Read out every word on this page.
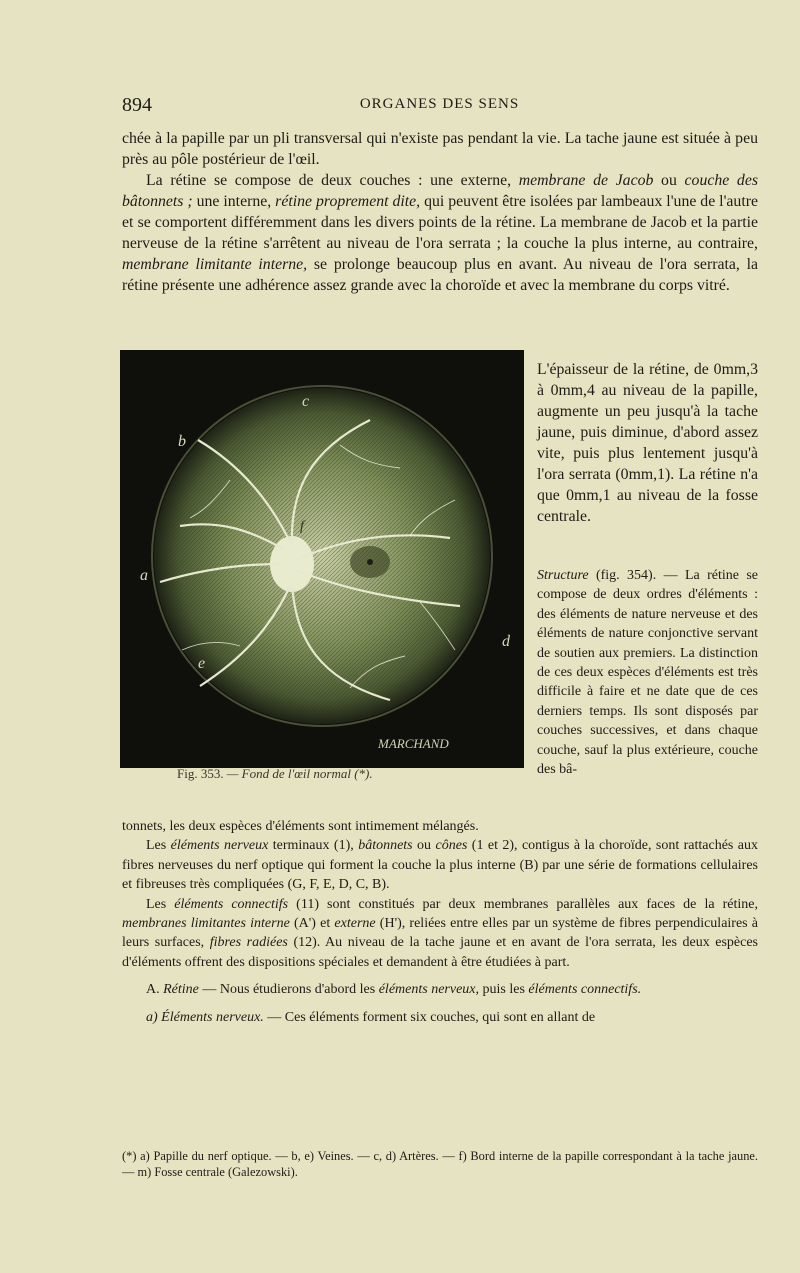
894	ORGANES DES SENS

chée à la papille par un pli transversal qui n'existe pas pendant la vie. La tache jaune est située à peu près au pôle postérieur de l'œil.

La rétine se compose de deux couches : une externe, membrane de Jacob ou couche des bâtonnets ; une interne, rétine proprement dite, qui peuvent être isolées par lambeaux l'une de l'autre et se comportent différemment dans les divers points de la rétine. La membrane de Jacob et la partie nerveuse de la rétine s'arrêtent au niveau de l'ora serrata ; la couche la plus interne, au contraire, membrane limitante interne, se prolonge beaucoup plus en avant. Au niveau de l'ora serrata, la rétine présente une adhérence assez grande avec la choroïde et avec la membrane du corps vitré.

c
b
a
d
e
f
MARCHAND
Fig. 353. — Fond de l'œil normal (*).

L'épaisseur de la rétine, de 0mm,3 à 0mm,4 au niveau de la papille, augmente un peu jusqu'à la tache jaune, puis diminue, d'abord assez vite, puis plus lentement jusqu'à l'ora serrata (0mm,1). La rétine n'a que 0mm,1 au niveau de la fosse centrale.

Structure (fig. 354). — La rétine se compose de deux ordres d'éléments : des éléments de nature nerveuse et des éléments de nature conjonctive servant de soutien aux premiers. La distinction de ces deux espèces d'éléments est très difficile à faire et ne date que de ces derniers temps. Ils sont disposés par couches successives, et dans chaque couche, sauf la plus extérieure, couche des bâ-

tonnets, les deux espèces d'éléments sont intimement mélangés.

Les éléments nerveux terminaux (1), bâtonnets ou cônes (1 et 2), contigus à la choroïde, sont rattachés aux fibres nerveuses du nerf optique qui forment la couche la plus interne (B) par une série de formations cellulaires et fibreuses très compliquées (G, F, E, D, C, B).

Les éléments connectifs (11) sont constitués par deux membranes parallèles aux faces de la rétine, membranes limitantes interne (A') et externe (H'), reliées entre elles par un système de fibres perpendiculaires à leurs surfaces, fibres radiées (12). Au niveau de la tache jaune et en avant de l'ora serrata, les deux espèces d'éléments offrent des dispositions spéciales et demandent à être étudiées à part.

A. Rétine — Nous étudierons d'abord les éléments nerveux, puis les éléments connectifs.

a) Éléments nerveux. — Ces éléments forment six couches, qui sont en allant de

(*) a) Papille du nerf optique. — b, e) Veines. — c, d) Artères. — f) Bord interne de la papille correspondant à la tache jaune. — m) Fosse centrale (Galezowski).
